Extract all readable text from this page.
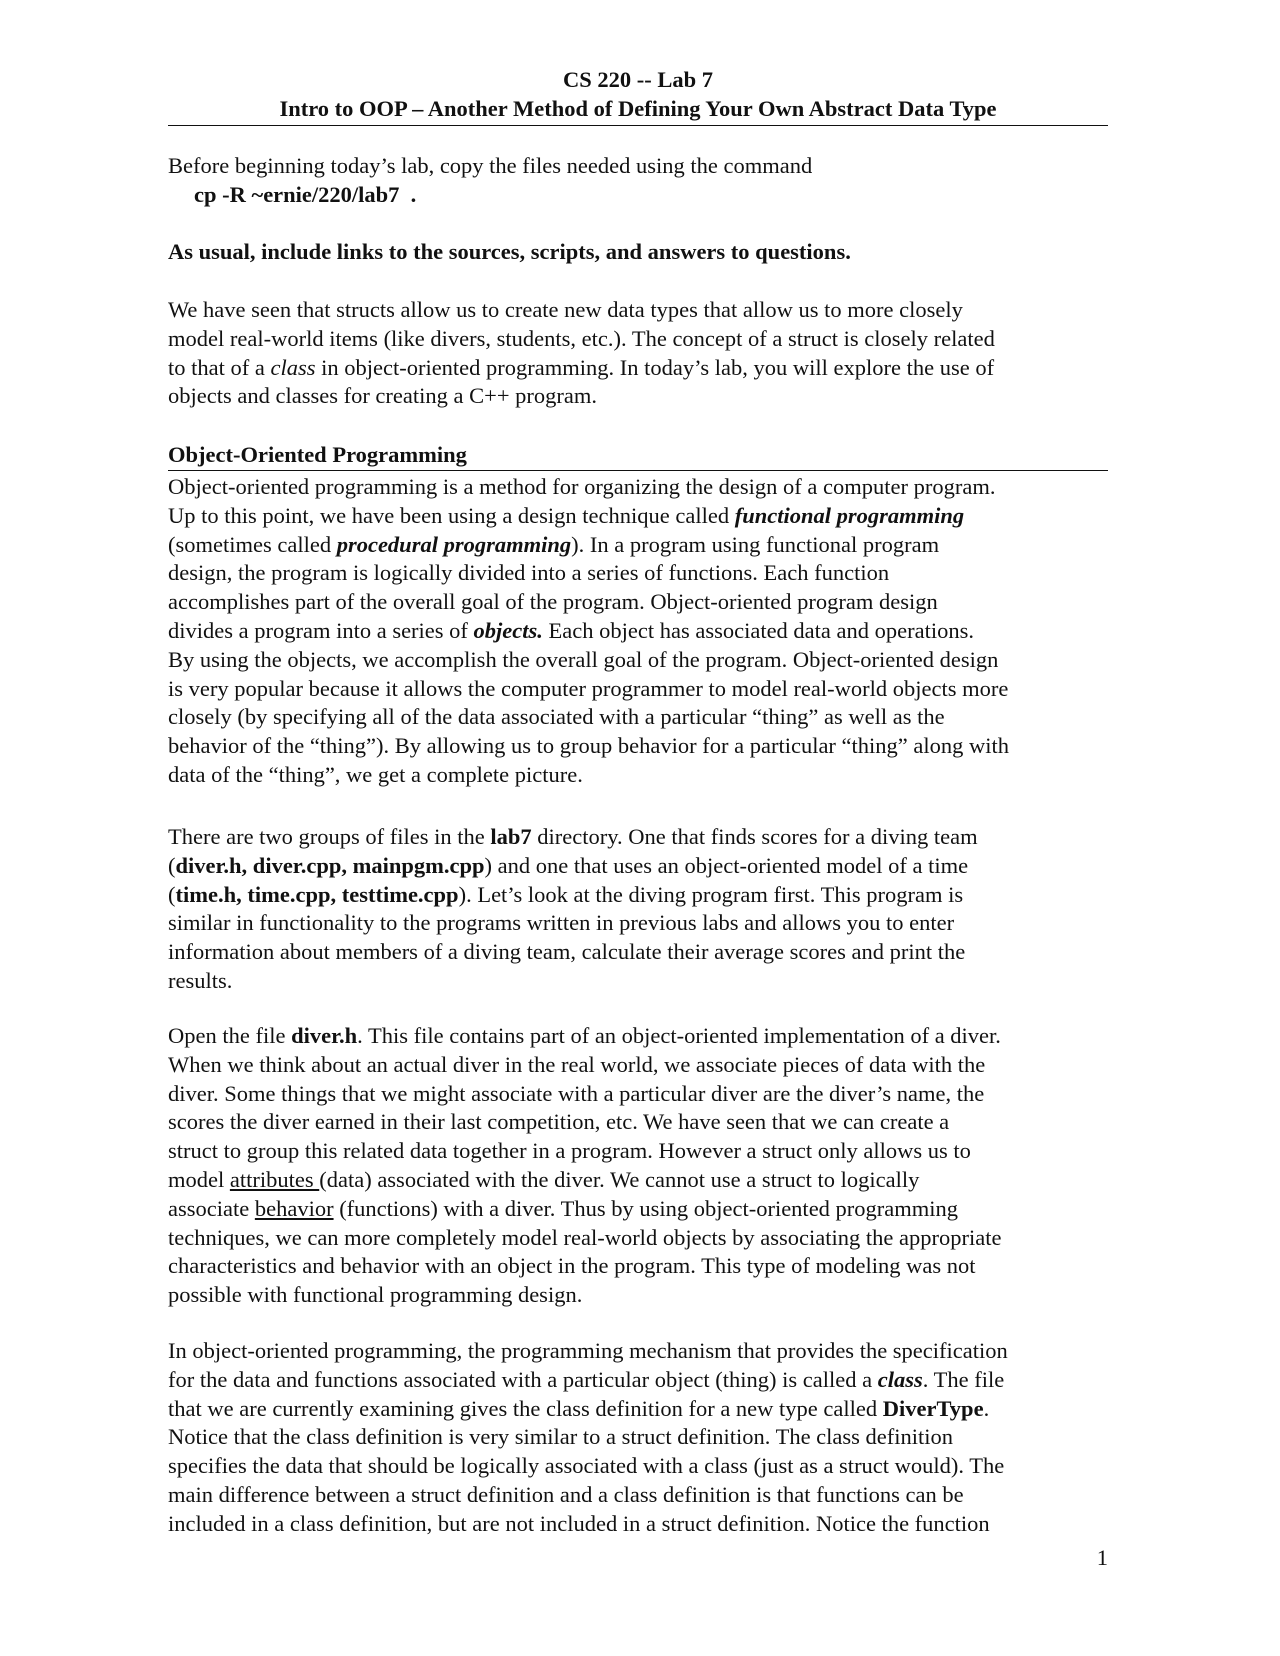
CS 220 -- Lab 7
Intro to OOP – Another Method of Defining Your Own Abstract Data Type
Before beginning today’s lab, copy the files needed using the command
cp -R ~ernie/220/lab7  .
As usual, include links to the sources, scripts, and answers to questions.
We have seen that structs allow us to create new data types that allow us to more closely
model real-world items (like divers, students, etc.). The concept of a struct is closely related
to that of a class in object-oriented programming. In today’s lab, you will explore the use of
objects and classes for creating a C++ program.
Object-Oriented Programming
Object-oriented programming is a method for organizing the design of a computer program.
Up to this point, we have been using a design technique called functional programming
(sometimes called procedural programming). In a program using functional program
design, the program is logically divided into a series of functions. Each function
accomplishes part of the overall goal of the program. Object-oriented program design
divides a program into a series of objects. Each object has associated data and operations.
By using the objects, we accomplish the overall goal of the program. Object-oriented design
is very popular because it allows the computer programmer to model real-world objects more
closely (by specifying all of the data associated with a particular “thing” as well as the
behavior of the “thing”). By allowing us to group behavior for a particular “thing” along with
data of the “thing”, we get a complete picture.
There are two groups of files in the lab7 directory. One that finds scores for a diving team
(diver.h, diver.cpp, mainpgm.cpp) and one that uses an object-oriented model of a time
(time.h, time.cpp, testtime.cpp). Let’s look at the diving program first. This program is
similar in functionality to the programs written in previous labs and allows you to enter
information about members of a diving team, calculate their average scores and print the
results.
Open the file diver.h. This file contains part of an object-oriented implementation of a diver.
When we think about an actual diver in the real world, we associate pieces of data with the
diver. Some things that we might associate with a particular diver are the diver’s name, the
scores the diver earned in their last competition, etc. We have seen that we can create a
struct to group this related data together in a program. However a struct only allows us to
model attributes (data) associated with the diver. We cannot use a struct to logically
associate behavior (functions) with a diver. Thus by using object-oriented programming
techniques, we can more completely model real-world objects by associating the appropriate
characteristics and behavior with an object in the program. This type of modeling was not
possible with functional programming design.
In object-oriented programming, the programming mechanism that provides the specification
for the data and functions associated with a particular object (thing) is called a class. The file
that we are currently examining gives the class definition for a new type called DiverType.
Notice that the class definition is very similar to a struct definition. The class definition
specifies the data that should be logically associated with a class (just as a struct would). The
main difference between a struct definition and a class definition is that functions can be
included in a class definition, but are not included in a struct definition. Notice the function
1
